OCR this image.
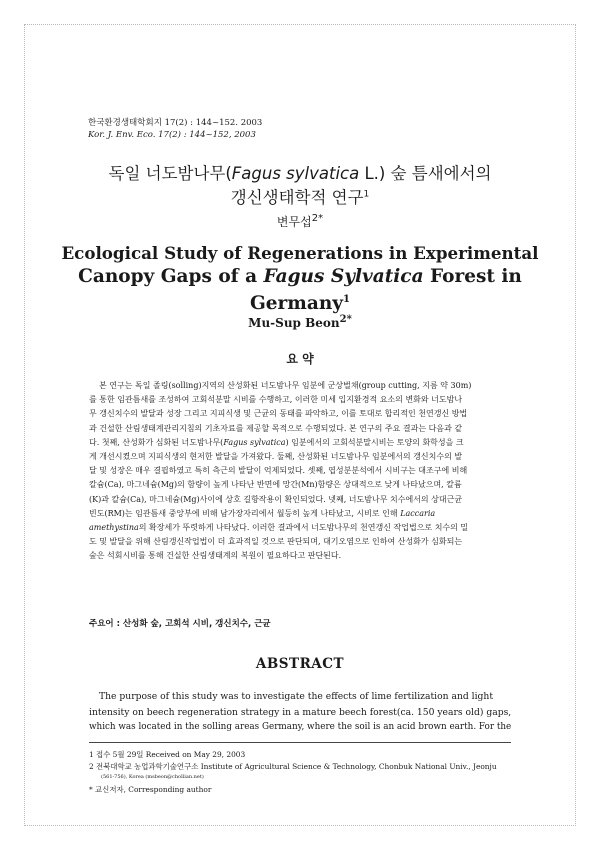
한국환경생태학회지 17(2) : 144~152. 2003
Kor. J. Env. Eco. 17(2) : 144~152, 2003
독일 너도밤나무(Fagus sylvatica L.) 숲 틈새에서의
갱신생태학적 연구$^1$
변무섭$^{2*}$
Ecological Study of Regenerations in Experimental
Canopy Gaps of a Fagus Sylvatica Forest in
Germany$^1$
Mu-Sup Beon$^{2*}$
요 약
본 연구는 독일 졸링(solling)지역의 산성화된 너도밤나무 임분에 군상벌채(group cutting, 지름 약 30m)
를 통한 임관틈새를 조성하여 고회석분말 시비를 수행하고, 이러한 미세 입지환경적 요소의 변화와 너도밤나
무 갱신치수의 발달과 성장 그리고 지피식생 및 근균의 동태를 파악하고, 이를 토대로 합리적인 천연갱신 방법
과 건설한 산림생태계관리지침의 기초자료를 제공할 목적으로 수행되었다. 본 연구의 주요 결과는 다음과 같
다. 첫째, 산성화가 심화된 너도밤나무(Fagus sylvatica) 임분에서의 고회석분말시비는 토양의 화학성을 크
게 개선시켰으며 지피식생의 현저한 발달을 가져왔다. 둘째, 산성화된 너도밤나무 임분에서의 갱신치수의 발
달 및 성장은 매우 결핍하였고 특히 측근의 발달이 억제되었다. 셋째, 엽성분분석에서 시비구는 대조구에 비해
칼슘(Ca), 마그네슘(Mg)의 함량이 높게 나타난 반면에 망간(Mn)함량은 상대적으로 낮게 나타났으며, 칼륨
(K)과 칼슘(Ca), 마그네슘(Mg)사이에 상호 길항작용이 확인되었다. 넷째, 너도밤나무 치수에서의 상대근균
빈도(RM)는 임관틈새 중앙부에 비해 남가장자리에서 월등히 높게 나타났고, 시비로 인해 Laccaria
amethystina의 확장세가 뚜렷하게 나타났다. 이러한 결과에서 너도밤나무의 천연갱신 작업법으로 치수의 밀
도 및 발달을 위해 산림갱신작업법이 더 효과적일 것으로 판단되며, 대기오염으로 인하여 산성화가 심화되는
숲은 석회시비를 통해 건실한 산림생태계의 복원이 필요하다고 판단된다.
주요어 : 산성화 숲, 고회석 시비, 갱신치수, 근균
ABSTRACT
The purpose of this study was to investigate the effects of lime fertilization and light
intensity on beech regeneration strategy in a mature beech forest(ca. 150 years old) gaps,
which was located in the solling areas Germany, where the soil is an acid brown earth. For the
1 접수 5월 29일 Received on May 29, 2003
2 전북대학교 농업과학기술연구소 Institute of Agricultural Science & Technology, Chonbuk National Univ., Jeonju
(561-756), Korea (msbeon@chollian.net)
* 교신저자, Corresponding author
